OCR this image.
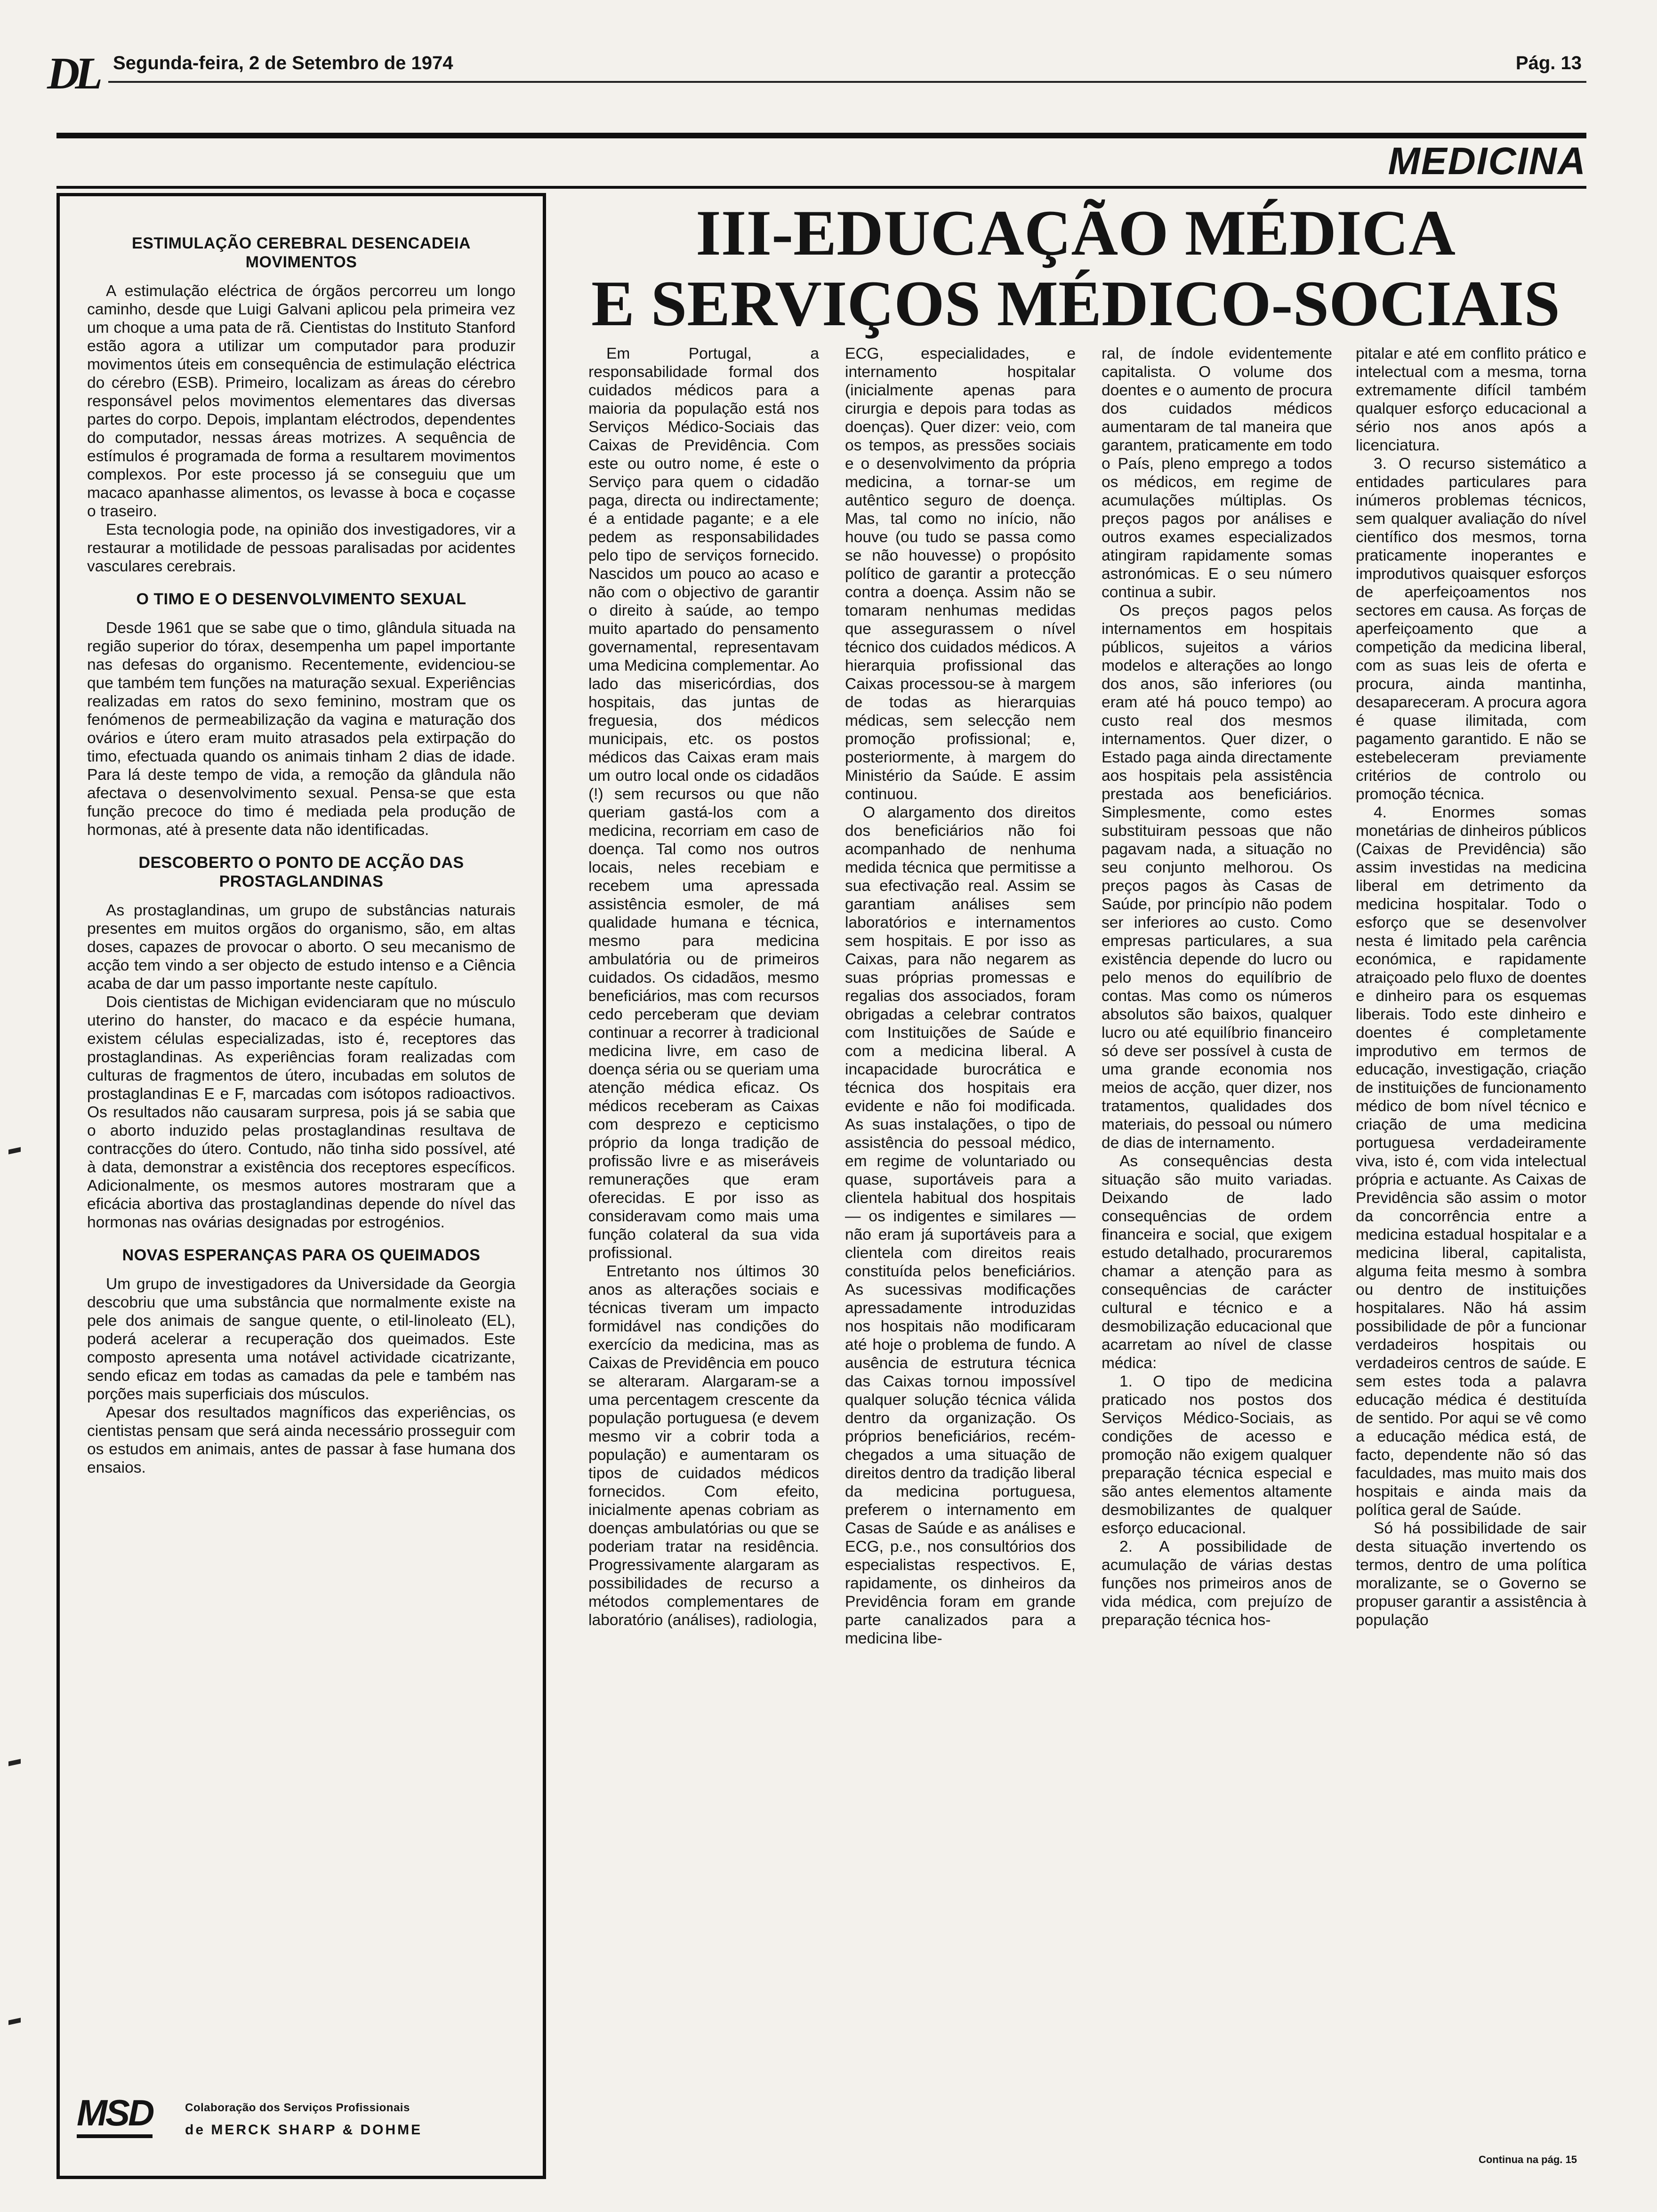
DL Segunda-feira, 2 de Setembro de 1974	Pág. 13
MEDICINA
ESTIMULAÇÃO CEREBRAL DESENCADEIA MOVIMENTOS

A estimulação eléctrica de órgãos percorreu um longo caminho, desde que Luigi Galvani aplicou pela primeira vez um choque a uma pata de rã. Cientistas do Instituto Stanford estão agora a utilizar um computador para produzir movimentos úteis em consequência de estimulação eléctrica do cérebro (ESB). Primeiro, localizam as áreas do cérebro responsável pelos movimentos elementares das diversas partes do corpo. Depois, implantam eléctrodos, dependentes do computador, nessas áreas motrizes. A sequência de estímulos é programada de forma a resultarem movimentos complexos. Por este processo já se conseguiu que um macaco apanhasse alimentos, os levasse à boca e coçasse o traseiro.

Esta tecnologia pode, na opinião dos investigadores, vir a restaurar a motilidade de pessoas paralisadas por acidentes vasculares cerebrais.

O TIMO E O DESENVOLVIMENTO SEXUAL

Desde 1961 que se sabe que o timo, glândula situada na região superior do tórax, desempenha um papel importante nas defesas do organismo. Recentemente, evidenciou-se que também tem funções na maturação sexual. Experiências realizadas em ratos do sexo feminino, mostram que os fenómenos de permeabilização da vagina e maturação dos ovários e útero eram muito atrasados pela extirpação do timo, efectuada quando os animais tinham 2 dias de idade. Para lá deste tempo de vida, a remoção da glândula não afectava o desenvolvimento sexual. Pensa-se que esta função precoce do timo é mediada pela produção de hormonas, até à presente data não identificadas.

DESCOBERTO O PONTO DE ACÇÃO DAS PROSTAGLANDINAS

As prostaglandinas, um grupo de substâncias naturais presentes em muitos orgãos do organismo, são, em altas doses, capazes de provocar o aborto. O seu mecanismo de acção tem vindo a ser objecto de estudo intenso e a Ciência acaba de dar um passo importante neste capítulo.

Dois cientistas de Michigan evidenciaram que no músculo uterino do hanster, do macaco e da espécie humana, existem células especializadas, isto é, receptores das prostaglandinas. As experiências foram realizadas com culturas de fragmentos de útero, incubadas em solutos de prostaglandinas E e F, marcadas com isótopos radioactivos. Os resultados não causaram surpresa, pois já se sabia que o aborto induzido pelas prostaglandinas resultava de contracções do útero. Contudo, não tinha sido possível, até à data, demonstrar a existência dos receptores específicos. Adicionalmente, os mesmos autores mostraram que a eficácia abortiva das prostaglandinas depende do nível das hormonas nas ovárias designadas por estrogénios.

NOVAS ESPERANÇAS PARA OS QUEIMADOS

Um grupo de investigadores da Universidade da Georgia descobriu que uma substância que normalmente existe na pele dos animais de sangue quente, o etil-linoleato (EL), poderá acelerar a recuperação dos queimados. Este composto apresenta uma notável actividade cicatrizante, sendo eficaz em todas as camadas da pele e também nas porções mais superficiais dos músculos.

Apesar dos resultados magníficos das experiências, os cientistas pensam que será ainda necessário prosseguir com os estudos em animais, antes de passar à fase humana dos ensaios.

MSD	Colaboração dos Serviços Profissionais
de MERCK SHARP & DOHME
III-EDUCAÇÃO MÉDICA
E SERVIÇOS MÉDICO-SOCIAIS

Em Portugal, a responsabilidade formal dos cuidados médicos para a maioria da população está nos Serviços Médico-Sociais das Caixas de Previdência. Com este ou outro nome, é este o Serviço para quem o cidadão paga, directa ou indirectamente; é a entidade pagante; e a ele pedem as responsabilidades pelo tipo de serviços fornecido. Nascidos um pouco ao acaso e não com o objectivo de garantir o direito à saúde, ao tempo muito apartado do pensamento governamental, representavam uma Medicina complementar. Ao lado das misericórdias, dos hospitais, das juntas de freguesia, dos médicos municipais, etc. os postos médicos das Caixas eram mais um outro local onde os cidadãos (!) sem recursos ou que não queriam gastá-los com a medicina, recorriam em caso de doença. Tal como nos outros locais, neles recebiam e recebem uma apressada assistência esmoler, de má qualidade humana e técnica, mesmo para medicina ambulatória ou de primeiros cuidados. Os cidadãos, mesmo beneficiários, mas com recursos cedo perceberam que deviam continuar a recorrer à tradicional medicina livre, em caso de doença séria ou se queriam uma atenção médica eficaz. Os médicos receberam as Caixas com desprezo e cepticismo próprio da longa tradição de profissão livre e as miseráveis remunerações que eram oferecidas. E por isso as consideravam como mais uma função colateral da sua vida profissional.

Entretanto nos últimos 30 anos as alterações sociais e técnicas tiveram um impacto formidável nas condições do exercício da medicina, mas as Caixas de Previdência em pouco se alteraram. Alargaram-se a uma percentagem crescente da população portuguesa (e devem mesmo vir a cobrir toda a população) e aumentaram os tipos de cuidados médicos fornecidos. Com efeito, inicialmente apenas cobriam as doenças ambulatórias ou que se poderiam tratar na residência. Progressivamente alargaram as possibilidades de recurso a métodos complementares de laboratório (análises), radiologia,

ECG, especialidades, e internamento hospitalar (inicialmente apenas para cirurgia e depois para todas as doenças). Quer dizer: veio, com os tempos, as pressões sociais e o desenvolvimento da própria medicina, a tornar-se um autêntico seguro de doença. Mas, tal como no início, não houve (ou tudo se passa como se não houvesse) o propósito político de garantir a protecção contra a doença. Assim não se tomaram nenhumas medidas que assegurassem o nível técnico dos cuidados médicos. A hierarquia profissional das Caixas processou-se à margem de todas as hierarquias médicas, sem selecção nem promoção profissional; e, posteriormente, à margem do Ministério da Saúde. E assim continuou.

O alargamento dos direitos dos beneficiários não foi acompanhado de nenhuma medida técnica que permitisse a sua efectivação real. Assim se garantiam análises sem laboratórios e internamentos sem hospitais. E por isso as Caixas, para não negarem as suas próprias promessas e regalias dos associados, foram obrigadas a celebrar contratos com Instituições de Saúde e com a medicina liberal. A incapacidade burocrática e técnica dos hospitais era evidente e não foi modificada. As suas instalações, o tipo de assistência do pessoal médico, em regime de voluntariado ou quase, suportáveis para a clientela habitual dos hospitais — os indigentes e similares — não eram já suportáveis para a clientela com direitos reais constituída pelos beneficiários. As sucessivas modificações apressadamente introduzidas nos hospitais não modificaram até hoje o problema de fundo. A ausência de estrutura técnica das Caixas tornou impossível qualquer solução técnica válida dentro da organização. Os próprios beneficiários, recém-chegados a uma situação de direitos dentro da tradição liberal da medicina portuguesa, preferem o internamento em Casas de Saúde e as análises e ECG, p.e., nos consultórios dos especialistas respectivos. E, rapidamente, os dinheiros da Previdência foram em grande parte canalizados para a medicina libe-

ral, de índole evidentemente capitalista. O volume dos doentes e o aumento de procura dos cuidados médicos aumentaram de tal maneira que garantem, praticamente em todo o País, pleno emprego a todos os médicos, em regime de acumulações múltiplas. Os preços pagos por análises e outros exames especializados atingiram rapidamente somas astronómicas. E o seu número continua a subir.

Os preços pagos pelos internamentos em hospitais públicos, sujeitos a vários modelos e alterações ao longo dos anos, são inferiores (ou eram até há pouco tempo) ao custo real dos mesmos internamentos. Quer dizer, o Estado paga ainda directamente aos hospitais pela assistência prestada aos beneficiários. Simplesmente, como estes substituiram pessoas que não pagavam nada, a situação no seu conjunto melhorou. Os preços pagos às Casas de Saúde, por princípio não podem ser inferiores ao custo. Como empresas particulares, a sua existência depende do lucro ou pelo menos do equilíbrio de contas. Mas como os números absolutos são baixos, qualquer lucro ou até equilíbrio financeiro só deve ser possível à custa de uma grande economia nos meios de acção, quer dizer, nos tratamentos, qualidades dos materiais, do pessoal ou número de dias de internamento.

As consequências desta situação são muito variadas. Deixando de lado consequências de ordem financeira e social, que exigem estudo detalhado, procuraremos chamar a atenção para as consequências de carácter cultural e técnico e a desmobilização educacional que acarretam ao nível de classe médica:

1. O tipo de medicina praticado nos postos dos Serviços Médico-Sociais, as condições de acesso e promoção não exigem qualquer preparação técnica especial e são antes elementos altamente desmobilizantes de qualquer esforço educacional.

2. A possibilidade de acumulação de várias destas funções nos primeiros anos de vida médica, com prejuízo de preparação técnica hos-

pitalar e até em conflito prático e intelectual com a mesma, torna extremamente difícil também qualquer esforço educacional a sério nos anos após a licenciatura.

3. O recurso sistemático a entidades particulares para inúmeros problemas técnicos, sem qualquer avaliação do nível científico dos mesmos, torna praticamente inoperantes e improdutivos quaisquer esforços de aperfeiçoamentos nos sectores em causa. As forças de aperfeiçoamento que a competição da medicina liberal, com as suas leis de oferta e procura, ainda mantinha, desapareceram. A procura agora é quase ilimitada, com pagamento garantido. E não se estebeleceram previamente critérios de controlo ou promoção técnica.

4. Enormes somas monetárias de dinheiros públicos (Caixas de Previdência) são assim investidas na medicina liberal em detrimento da medicina hospitalar. Todo o esforço que se desenvolver nesta é limitado pela carência económica, e rapidamente atraiçoado pelo fluxo de doentes e dinheiro para os esquemas liberais. Todo este dinheiro e doentes é completamente improdutivo em termos de educação, investigação, criação de instituições de funcionamento médico de bom nível técnico e criação de uma medicina portuguesa verdadeiramente viva, isto é, com vida intelectual própria e actuante. As Caixas de Previdência são assim o motor da concorrência entre a medicina estadual hospitalar e a medicina liberal, capitalista, alguma feita mesmo à sombra ou dentro de instituições hospitalares. Não há assim possibilidade de pôr a funcionar verdadeiros hospitais ou verdadeiros centros de saúde. E sem estes toda a palavra educação médica é destituída de sentido. Por aqui se vê como a educação médica está, de facto, dependente não só das faculdades, mas muito mais dos hospitais e ainda mais da política geral de Saúde.

Só há possibilidade de sair desta situação invertendo os termos, dentro de uma política moralizante, se o Governo se propuser garantir a assistência à população

Continua na pág. 15
